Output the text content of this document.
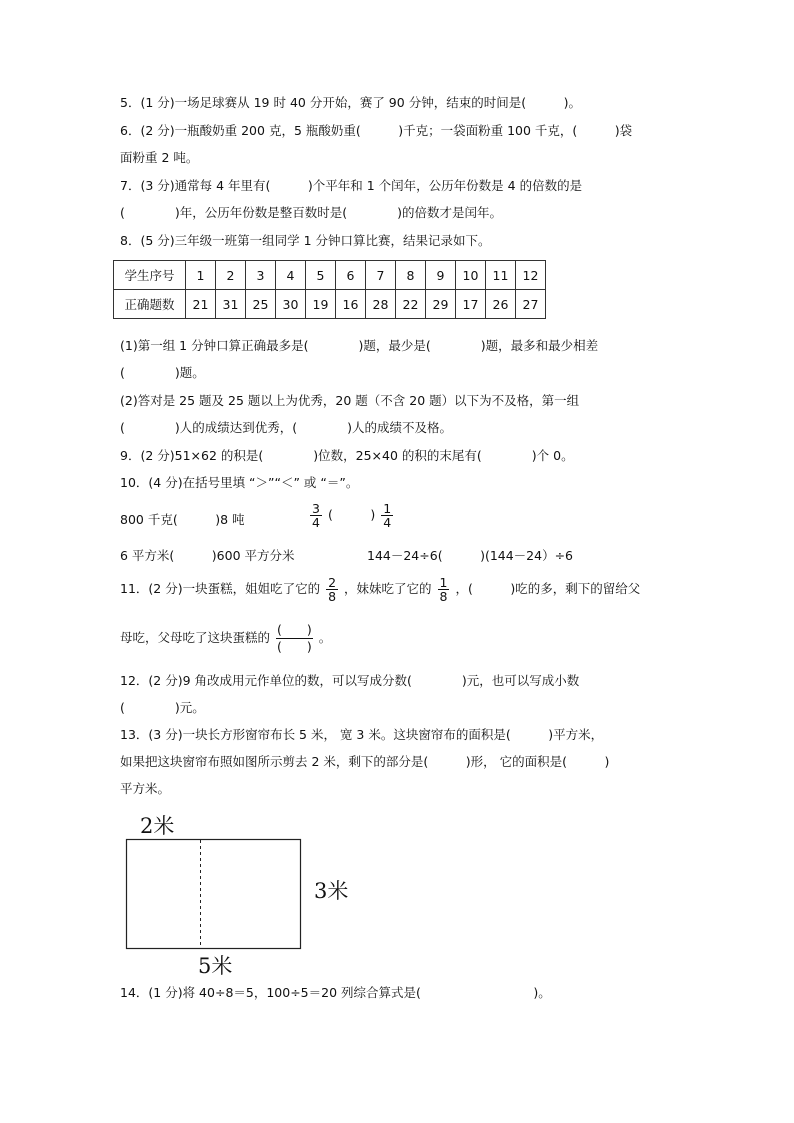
5．(1 分)一场足球赛从 19 时 40 分开始，赛了 90 分钟，结束的时间是(　　　)。
6．(2 分)一瓶酸奶重 200 克，5 瓶酸奶重(　　　)千克；一袋面粉重 100 千克，(　　　)袋
面粉重 2 吨。
7．(3 分)通常每 4 年里有(　　　)个平年和 1 个闰年，公历年份数是 4 的倍数的是
(　　　　)年，公历年份数是整百数时是(　　　　)的倍数才是闰年。
8．(5 分)三年级一班第一组同学 1 分钟口算比赛，结果记录如下。
学生序号	1	2	3	4	5	6	7	8	9	10	11	12
正确题数	21	31	25	30	19	16	28	22	29	17	26	27
(1)第一组 1 分钟口算正确最多是(　　　　)题，最少是(　　　　)题，最多和最少相差
(　　　　)题。
(2)答对是 25 题及 25 题以上为优秀，20 题（不含 20 题）以下为不及格，第一组
(　　　　)人的成绩达到优秀，(　　　　)人的成绩不及格。
9．(2 分)51×62 的积是(　　　　)位数，25×40 的积的末尾有(　　　　)个 0。
10．(4 分)在括号里填 “＞”“＜” 或 “＝”。
800 千克(　　　)8 吨	$\frac{3}{4}$ (　　　) $\frac{1}{4}$
6 平方米(　　　)600 平方分米	144－24÷6(　　　)(144－24）÷6
11．(2 分)一块蛋糕，姐姐吃了它的 $\frac{2}{8}$ ，妹妹吃了它的 $\frac{1}{8}$ ，(　　　)吃的多，剩下的留给父
母吃，父母吃了这块蛋糕的 $\frac{( )}{( )}$ 。
12．(2 分)9 角改成用元作单位的数，可以写成分数(　　　　)元，也可以写成小数
(　　　　)元。
13．(3 分)一块长方形窗帘布长 5 米， 宽 3 米。这块窗帘布的面积是(　　　)平方米，
如果把这块窗帘布照如图所示剪去 2 米，剩下的部分是(　　　)形， 它的面积是(　　　)
平方米。
2米
3米
5米
14．(1 分)将 40÷8＝5，100÷5＝20 列综合算式是(　　　　　　　　　)。
